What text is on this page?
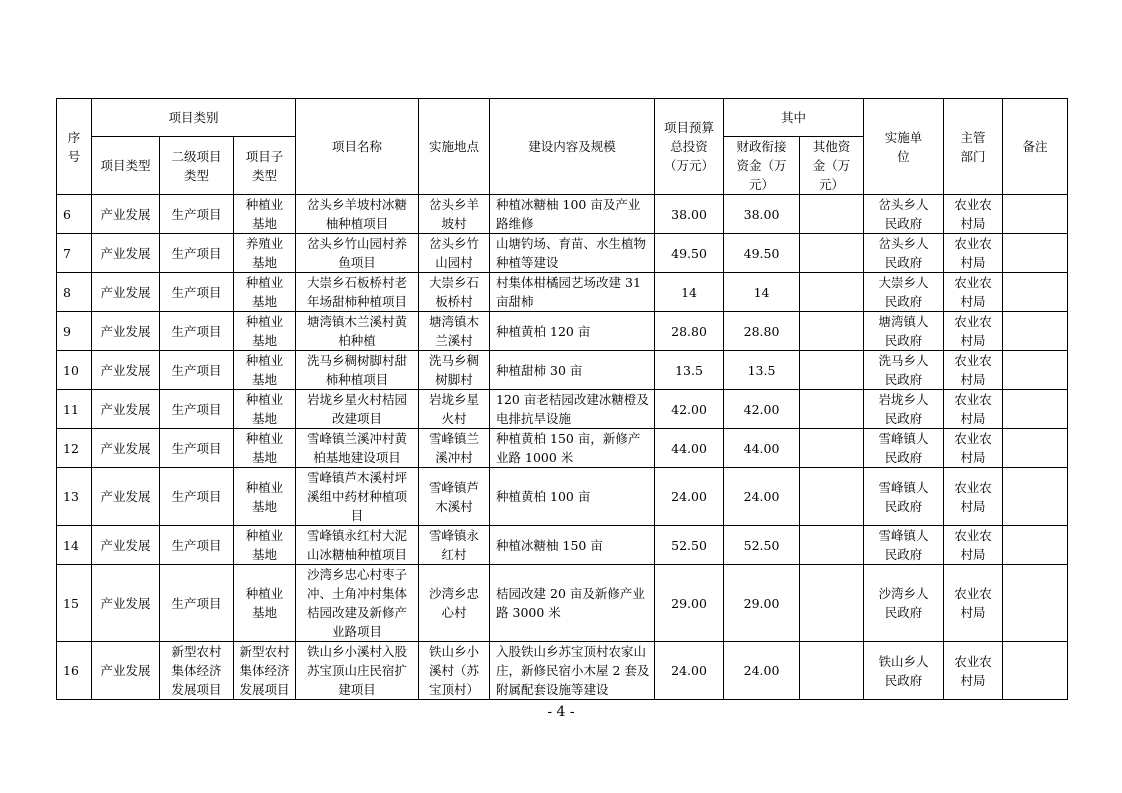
序号	项目类别			项目名称	实施地点	建设内容及规模	项目预算总投资（万元）	其中		实施单位	主管部门	备注
	项目类型	二级项目类型	项目子类型					财政衔接资金（万元）	其他资金（万元）			
6	产业发展	生产项目	种植业基地	岔头乡羊坡村冰糖柚种植项目	岔头乡羊坡村	种植冰糖柚 100 亩及产业路维修	38.00	38.00		岔头乡人民政府	农业农村局	
7	产业发展	生产项目	养殖业基地	岔头乡竹山园村养鱼项目	岔头乡竹山园村	山塘钓场、育苗、水生植物种植等建设	49.50	49.50		岔头乡人民政府	农业农村局	
8	产业发展	生产项目	种植业基地	大崇乡石板桥村老年场甜柿种植项目	大崇乡石板桥村	村集体柑橘园艺场改建 31 亩甜柿	14	14		大崇乡人民政府	农业农村局	
9	产业发展	生产项目	种植业基地	塘湾镇木兰溪村黄柏种植	塘湾镇木兰溪村	种植黄柏 120 亩	28.80	28.80		塘湾镇人民政府	农业农村局	
10	产业发展	生产项目	种植业基地	洗马乡稠树脚村甜柿种植项目	洗马乡稠树脚村	种植甜柿 30 亩	13.5	13.5		洗马乡人民政府	农业农村局	
11	产业发展	生产项目	种植业基地	岩垅乡星火村桔园改建项目	岩垅乡星火村	120 亩老桔园改建冰糖橙及电排抗旱设施	42.00	42.00		岩垅乡人民政府	农业农村局	
12	产业发展	生产项目	种植业基地	雪峰镇兰溪冲村黄柏基地建设项目	雪峰镇兰溪冲村	种植黄柏 150 亩，新修产业路 1000 米	44.00	44.00		雪峰镇人民政府	农业农村局	
13	产业发展	生产项目	种植业基地	雪峰镇芦木溪村坪溪组中药材种植项目	雪峰镇芦木溪村	种植黄柏 100 亩	24.00	24.00		雪峰镇人民政府	农业农村局	
14	产业发展	生产项目	种植业基地	雪峰镇永红村大泥山冰糖柚种植项目	雪峰镇永红村	种植冰糖柚 150 亩	52.50	52.50		雪峰镇人民政府	农业农村局	
15	产业发展	生产项目	种植业基地	沙湾乡忠心村枣子冲、土角冲村集体桔园改建及新修产业路项目	沙湾乡忠心村	桔园改建 20 亩及新修产业路 3000 米	29.00	29.00		沙湾乡人民政府	农业农村局	
16	产业发展	新型农村集体经济发展项目	新型农村集体经济发展项目	铁山乡小溪村入股苏宝顶山庄民宿扩建项目	铁山乡小溪村（苏宝顶村）	入股铁山乡苏宝顶村农家山庄，新修民宿小木屋 2 套及附属配套设施等建设	24.00	24.00		铁山乡人民政府	农业农村局	
- 4 -
